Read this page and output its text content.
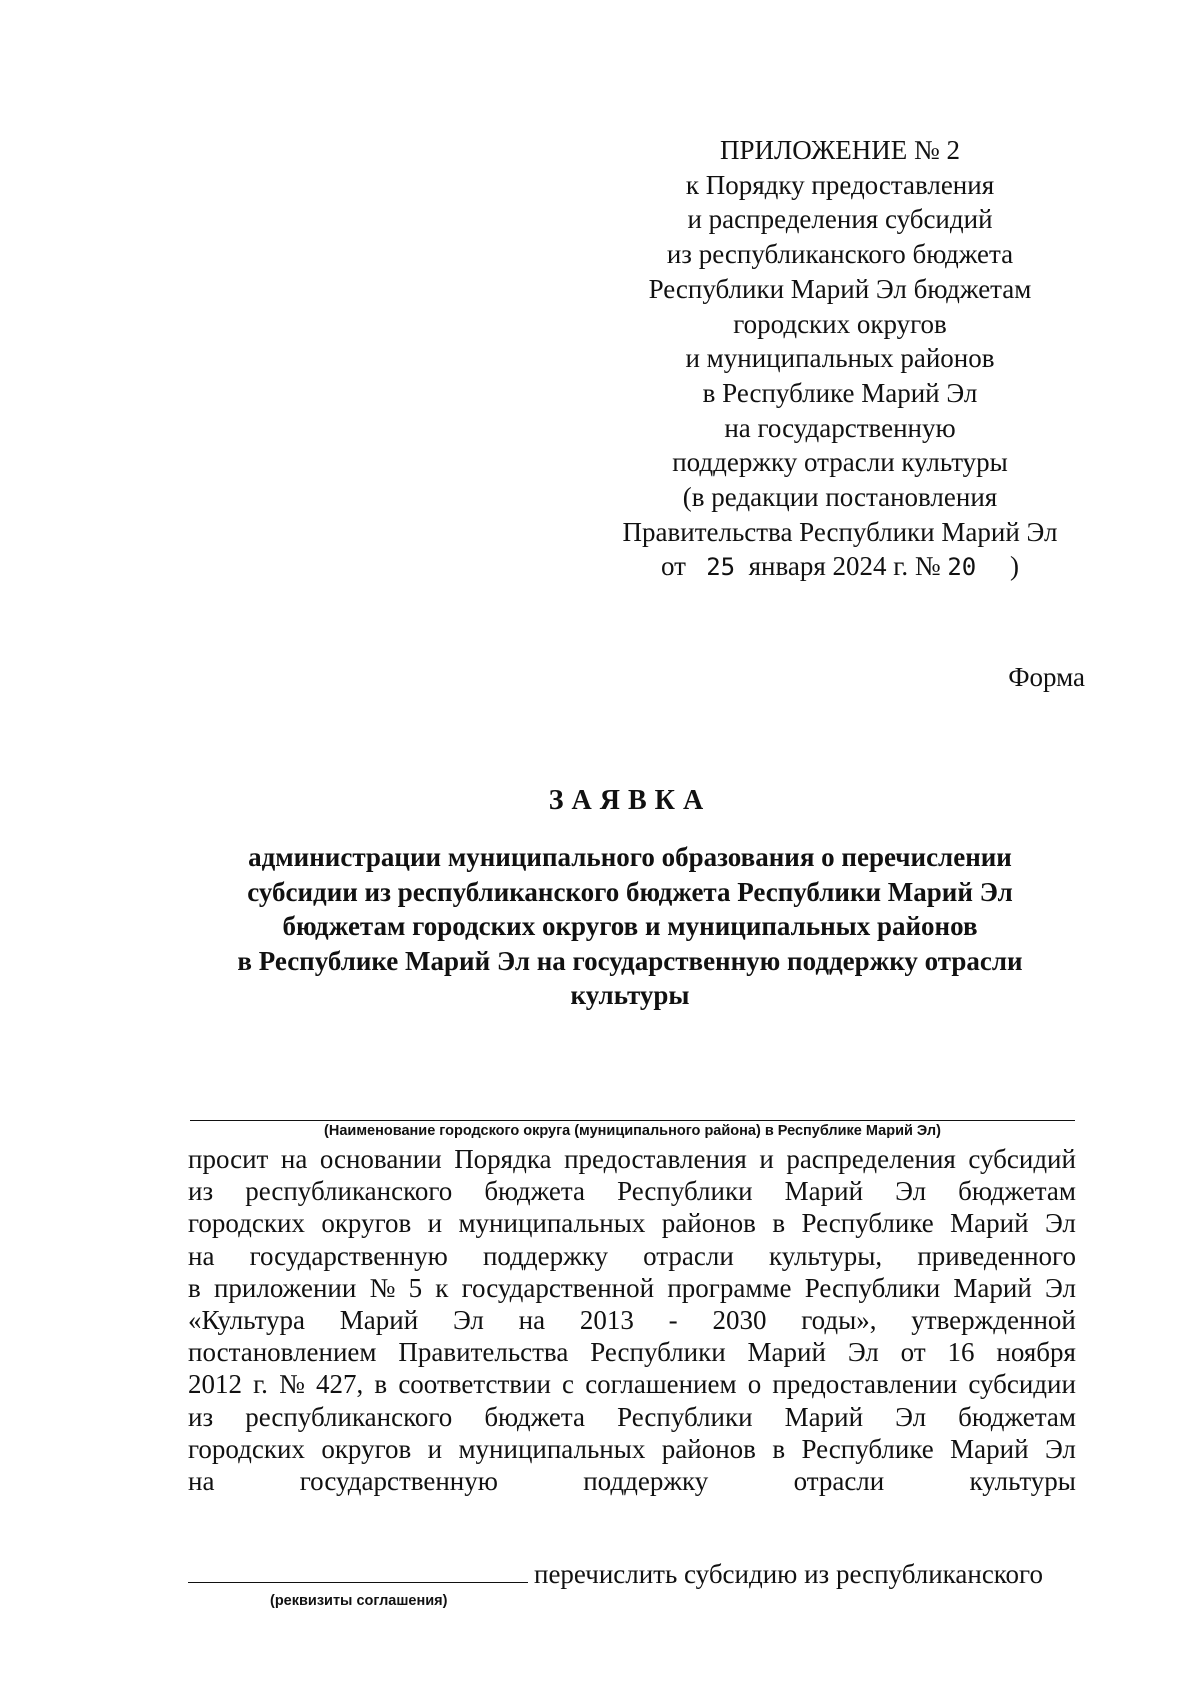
ПРИЛОЖЕНИЕ № 2
к Порядку предоставления
и распределения субсидий
из республиканского бюджета
Республики Марий Эл бюджетам
городских округов
и муниципальных районов
в Республике Марий Эл
на государственную
поддержку отрасли культуры
(в редакции постановления
Правительства Республики Марий Эл
от 25 января 2024 г. № 20 )
Форма
ЗАЯВКА
администрации муниципального образования о перечислении
субсидии из республиканского бюджета Республики Марий Эл
бюджетам городских округов и муниципальных районов
в Республике Марий Эл на государственную поддержку отрасли
культуры
(Наименование городского округа (муниципального района) в Республике Марий Эл)
просит на основании Порядка предоставления и распределения субсидий
из республиканского бюджета Республики Марий Эл бюджетам
городских округов и муниципальных районов в Республике Марий Эл
на государственную поддержку отрасли культуры, приведенного
в приложении № 5 к государственной программе Республики Марий Эл
«Культура Марий Эл на 2013 - 2030 годы», утвержденной
постановлением Правительства Республики Марий Эл от 16 ноября
2012 г. № 427, в соответствии с соглашением о предоставлении субсидии
из республиканского бюджета Республики Марий Эл бюджетам
городских округов и муниципальных районов в Республике Марий Эл
на	государственную	поддержку	отрасли	культуры
перечислить субсидию из республиканского
(реквизиты соглашения)
